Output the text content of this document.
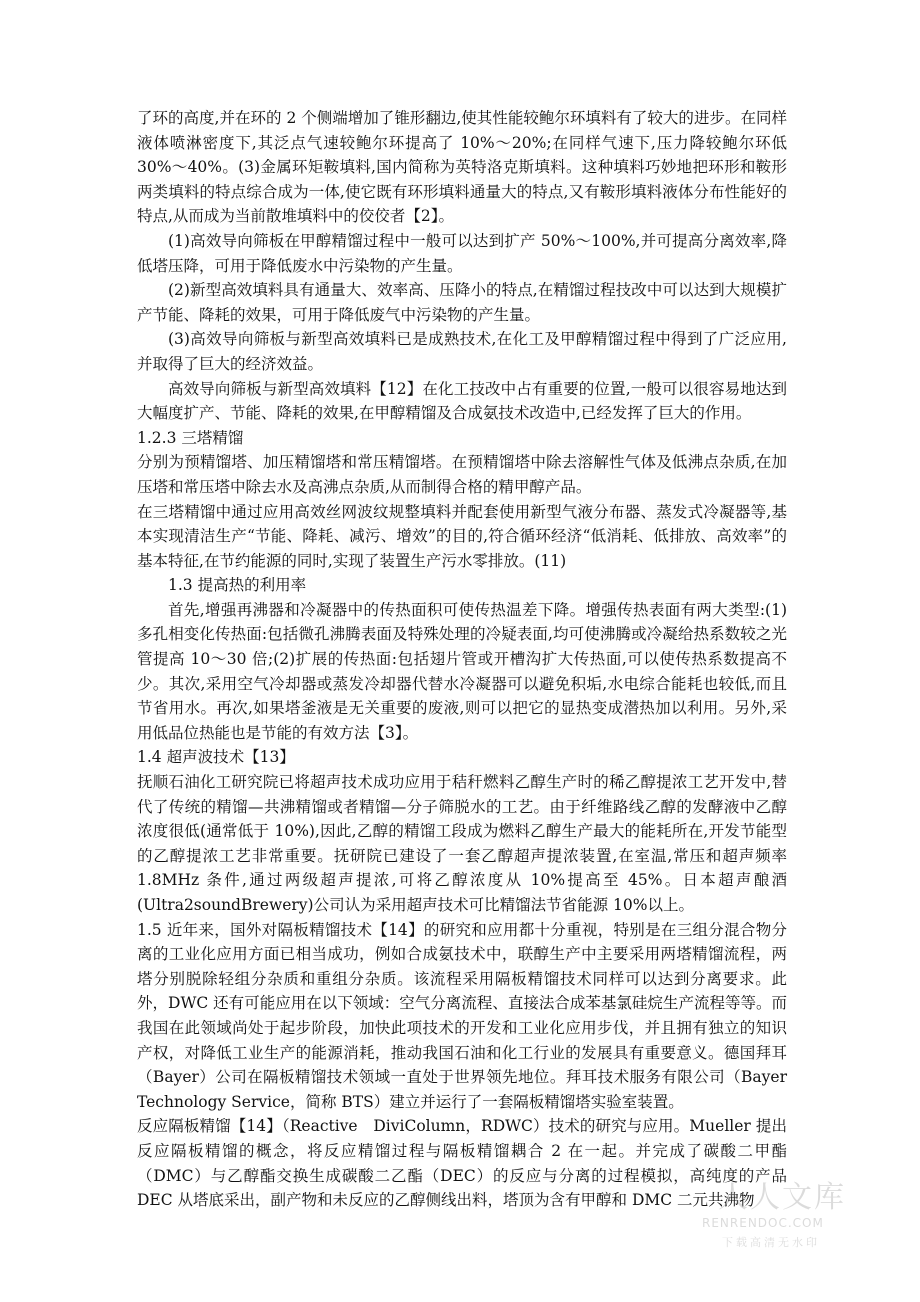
了环的高度,并在环的 2 个侧端增加了锥形翻边,使其性能较鲍尔环填料有了较大的进步。在同样液体喷淋密度下,其泛点气速较鲍尔环提高了 10%～20%;在同样气速下,压力降较鲍尔环低 30%～40%。(3)金属环矩鞍填料,国内简称为英特洛克斯填料。这种填料巧妙地把环形和鞍形两类填料的特点综合成为一体,使它既有环形填料通量大的特点,又有鞍形填料液体分布性能好的特点,从而成为当前散堆填料中的佼佼者【2】。

(1)高效导向筛板在甲醇精馏过程中一般可以达到扩产 50%～100%,并可提高分离效率,降低塔压降，可用于降低废水中污染物的产生量。

(2)新型高效填料具有通量大、效率高、压降小的特点,在精馏过程技改中可以达到大规模扩产节能、降耗的效果，可用于降低废气中污染物的产生量。

(3)高效导向筛板与新型高效填料已是成熟技术,在化工及甲醇精馏过程中得到了广泛应用,并取得了巨大的经济效益。

高效导向筛板与新型高效填料【12】在化工技改中占有重要的位置,一般可以很容易地达到大幅度扩产、节能、降耗的效果,在甲醇精馏及合成氨技术改造中,已经发挥了巨大的作用。

1.2.3 三塔精馏

分别为预精馏塔、加压精馏塔和常压精馏塔。在预精馏塔中除去溶解性气体及低沸点杂质,在加压塔和常压塔中除去水及高沸点杂质,从而制得合格的精甲醇产品。

在三塔精馏中通过应用高效丝网波纹规整填料并配套使用新型气液分布器、蒸发式冷凝器等,基本实现清洁生产“节能、降耗、减污、增效”的目的,符合循环经济“低消耗、低排放、高效率”的基本特征,在节约能源的同时,实现了装置生产污水零排放。(11)

1.3 提高热的利用率

首先,增强再沸器和冷凝器中的传热面积可使传热温差下降。增强传热表面有两大类型:(1)多孔相变化传热面:包括微孔沸腾表面及特殊处理的冷疑表面,均可使沸腾或冷凝给热系数较之光管提高 10～30 倍;(2)扩展的传热面:包括翅片管或开槽沟扩大传热面,可以使传热系数提高不少。其次,采用空气冷却器或蒸发冷却器代替水冷凝器可以避免积垢,水电综合能耗也较低,而且节省用水。再次,如果塔釜液是无关重要的废液,则可以把它的显热变成潜热加以利用。另外,采用低品位热能也是节能的有效方法【3】。

1.4 超声波技术【13】

抚顺石油化工研究院已将超声技术成功应用于秸秆燃料乙醇生产时的稀乙醇提浓工艺开发中,替代了传统的精馏—共沸精馏或者精馏—分子筛脱水的工艺。由于纤维路线乙醇的发酵液中乙醇浓度很低(通常低于 10%),因此,乙醇的精馏工段成为燃料乙醇生产最大的能耗所在,开发节能型的乙醇提浓工艺非常重要。抚研院已建设了一套乙醇超声提浓装置,在室温,常压和超声频率 1.8MHz 条件,通过两级超声提浓,可将乙醇浓度从 10%提高至 45%。日本超声酿酒(Ultra2soundBrewery)公司认为采用超声技术可比精馏法节省能源 10%以上。

1.5 近年来，国外对隔板精馏技术【14】的研究和应用都十分重视，特别是在三组分混合物分离的工业化应用方面已相当成功，例如合成氨技术中，联醇生产中主要采用两塔精馏流程，两塔分别脱除轻组分杂质和重组分杂质。该流程采用隔板精馏技术同样可以达到分离要求。此外，DWC 还有可能应用在以下领域：空气分离流程、直接法合成苯基氯硅烷生产流程等等。而我国在此领域尚处于起步阶段，加快此项技术的开发和工业化应用步伐，并且拥有独立的知识产权，对降低工业生产的能源消耗，推动我国石油和化工行业的发展具有重要意义。德国拜耳（Bayer）公司在隔板精馏技术领域一直处于世界领先地位。拜耳技术服务有限公司（Bayer Technology Service，简称 BTS）建立并运行了一套隔板精馏塔实验室装置。

反应隔板精馏【14】（Reactive　DiviColumn，RDWC）技术的研究与应用。Mueller 提出反应隔板精馏的概念，将反应精馏过程与隔板精馏耦合 2 在一起。并完成了碳酸二甲酯（DMC）与乙醇酯交换生成碳酸二乙酯（DEC）的反应与分离的过程模拟，高纯度的产品 DEC 从塔底采出，副产物和未反应的乙醇侧线出料，塔顶为含有甲醇和 DMC 二元共沸物

人人文库
RENRENDOC.COM
下载高清无水印
